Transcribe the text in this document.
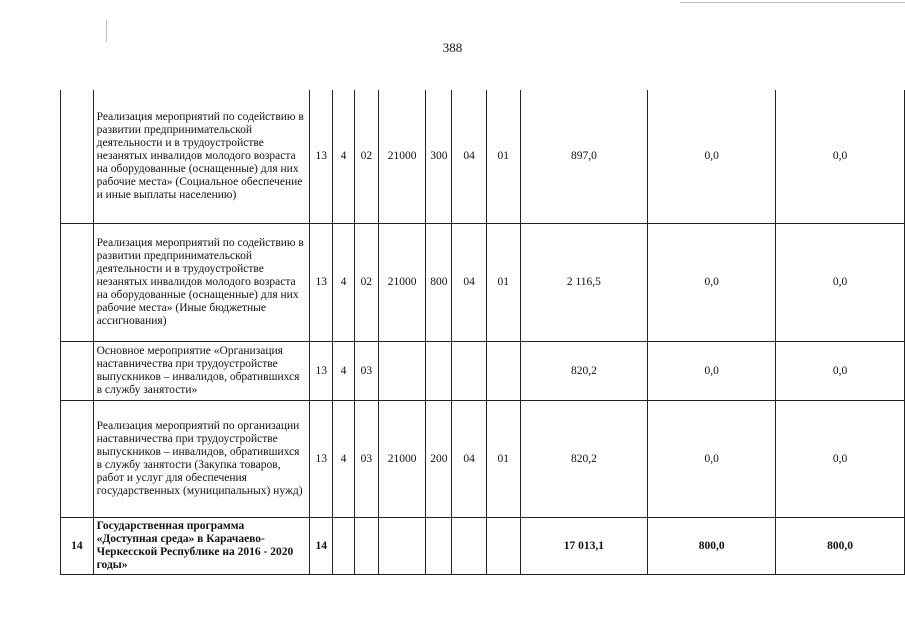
388
	Реализация мероприятий по содействию в развитии предпринимательской деятельности и в трудоустройстве незанятых инвалидов молодого возраста на оборудованные (оснащенные) для них рабочие места» (Социальное обеспечение и иные выплаты населению)	13	4	02	21000	300	04	01	897,0	0,0	0,0
	Реализация мероприятий по содействию в развитии предпринимательской деятельности и в трудоустройстве незанятых инвалидов молодого возраста на оборудованные (оснащенные) для них рабочие места» (Иные бюджетные ассигнования)	13	4	02	21000	800	04	01	2 116,5	0,0	0,0
	Основное мероприятие «Организация наставничества при трудоустройстве выпускников – инвалидов, обратившихся в службу занятости»	13	4	03					820,2	0,0	0,0
	Реализация мероприятий по организации наставничества при трудоустройстве выпускников – инвалидов, обратившихся в службу занятости (Закупка товаров, работ и услуг для обеспечения государственных (муниципальных) нужд)	13	4	03	21000	200	04	01	820,2	0,0	0,0
14	Государственная программа «Доступная среда» в Карачаево-Черкесской Республике на 2016 - 2020 годы»	14							17 013,1	800,0	800,0
